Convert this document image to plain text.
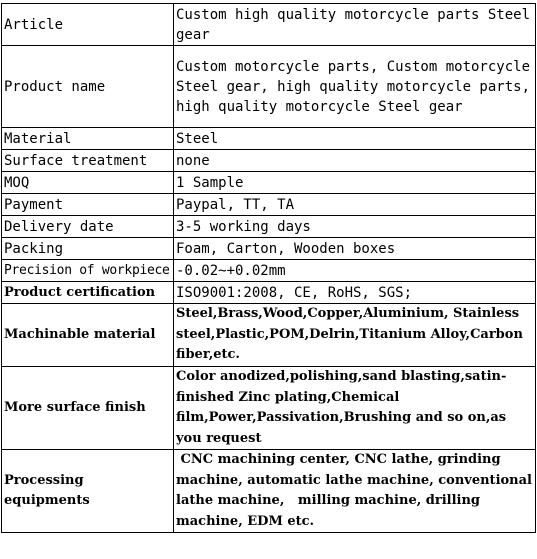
Article	Custom high quality motorcycle parts Steel gear
Product name	Custom motorcycle parts, Custom motorcycle Steel gear, high quality motorcycle parts, high quality motorcycle Steel gear
Material	Steel
Surface treatment	none
MOQ	1 Sample
Payment	Paypal, TT, TA
Delivery date	3-5 working days
Packing	Foam, Carton, Wooden boxes
Precision of workpiece	-0.02~+0.02mm
Product certification	ISO9001:2008, CE, RoHS, SGS;
Machinable material	Steel,Brass,Wood,Copper,Aluminium, Stainless steel,Plastic,POM,Delrin,Titanium Alloy,Carbon fiber,etc.
More surface finish	Color anodized,polishing,sand blasting,satin-finished Zinc plating,Chemical film,Power,Passivation,Brushing and so on,as you request
Processing equipments	CNC machining center, CNC lathe, grinding machine, automatic lathe machine, conventional lathe machine,   milling machine, drilling machine, EDM etc.
